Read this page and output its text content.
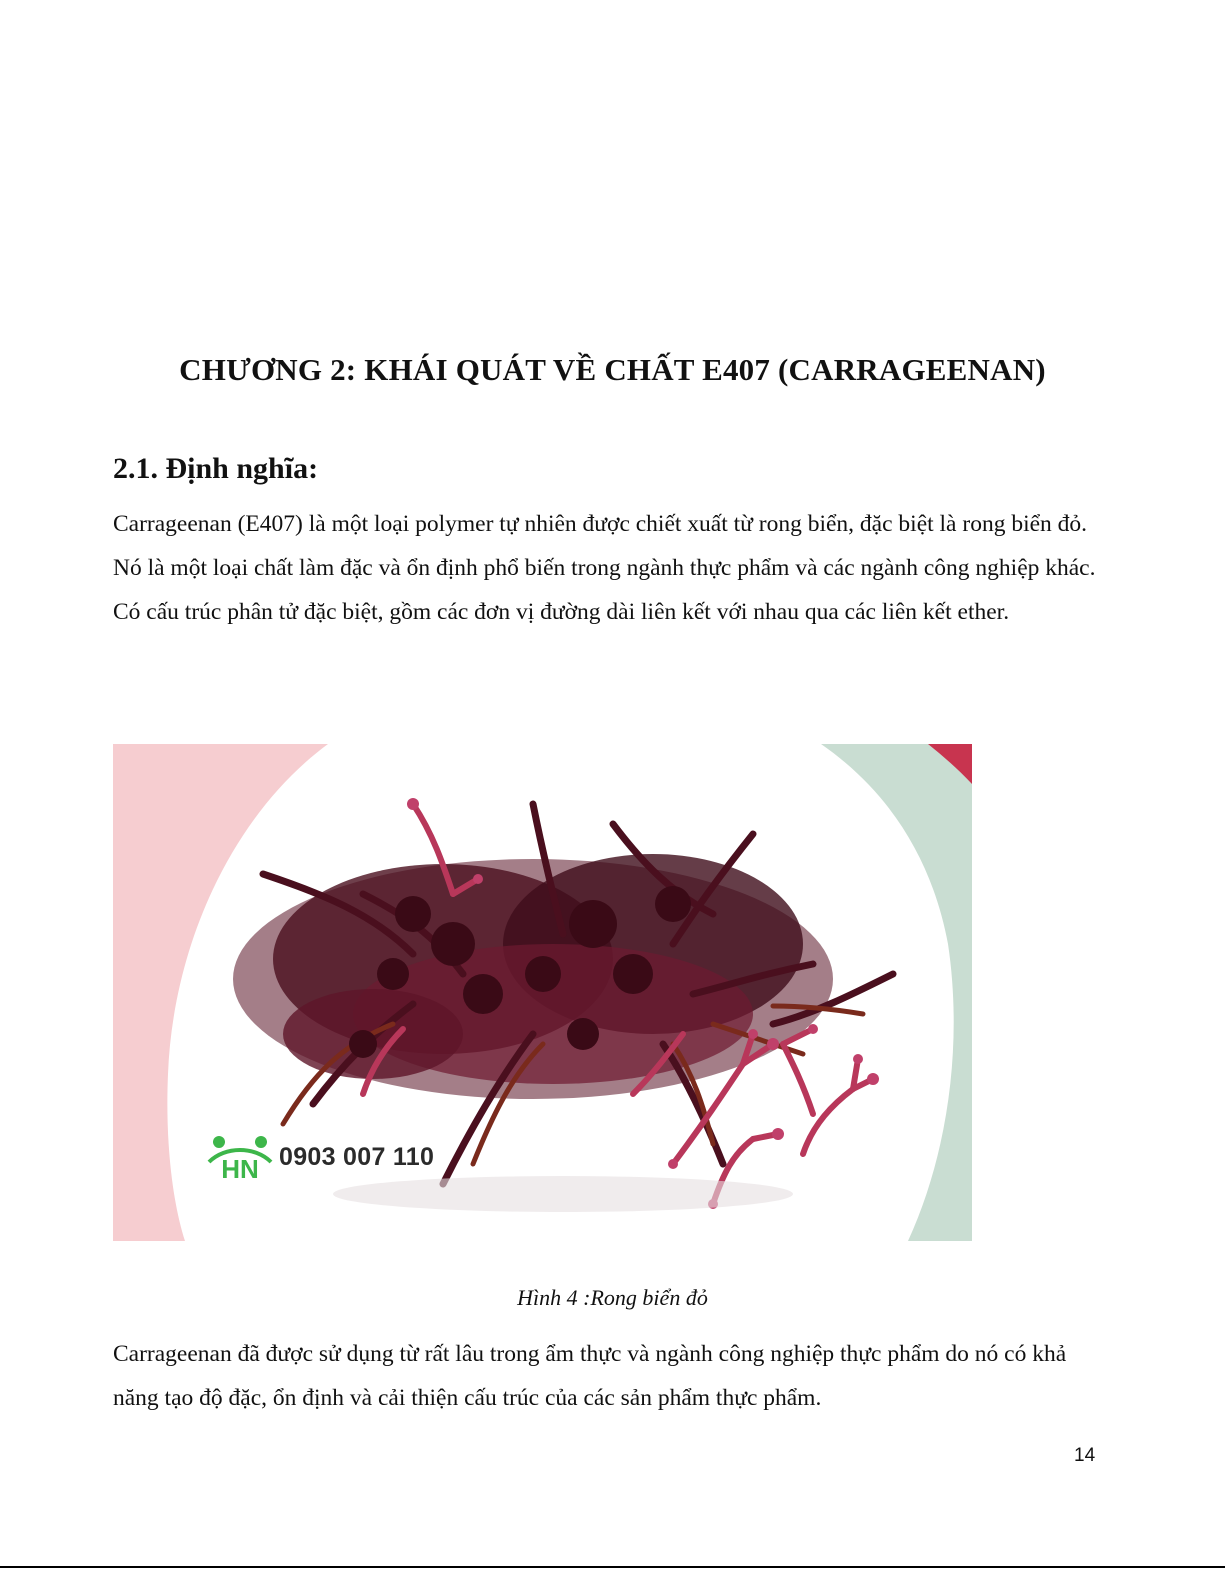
CHƯƠNG 2: KHÁI QUÁT VỀ CHẤT E407 (CARRAGEENAN)
2.1. Định nghĩa:

Carrageenan (E407) là một loại polymer tự nhiên được chiết xuất từ rong biển, đặc biệt là rong biển đỏ. Nó là một loại chất làm đặc và ổn định phổ biến trong ngành thực phẩm và các ngành công nghiệp khác. Có cấu trúc phân tử đặc biệt, gồm các đơn vị đường dài liên kết với nhau qua các liên kết ether.

HN 0903 007 110

Hình 4 :Rong biển đỏ

Carrageenan đã được sử dụng từ rất lâu trong ẩm thực và ngành công nghiệp thực phẩm do nó có khả năng tạo độ đặc, ổn định và cải thiện cấu trúc của các sản phẩm thực phẩm.

14
